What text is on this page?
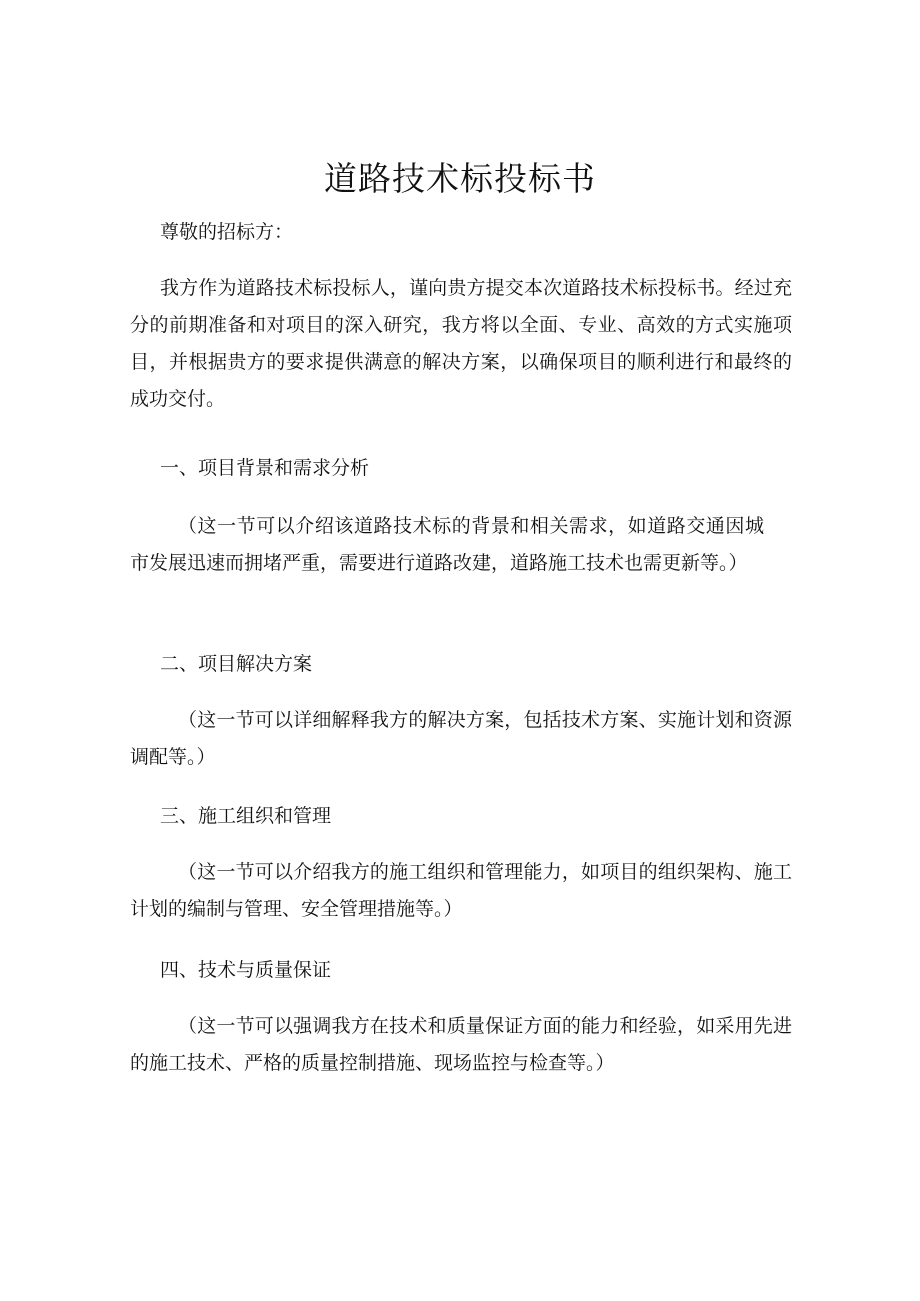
道路技术标投标书

尊敬的招标方：

我方作为道路技术标投标人，谨向贵方提交本次道路技术标投标书。经过充分的前期准备和对项目的深入研究，我方将以全面、专业、高效的方式实施项目，并根据贵方的要求提供满意的解决方案，以确保项目的顺利进行和最终的成功交付。

一、项目背景和需求分析

（这一节可以介绍该道路技术标的背景和相关需求，如道路交通因城市发展迅速而拥堵严重，需要进行道路改建，道路施工技术也需更新等。）

二、项目解决方案

（这一节可以详细解释我方的解决方案，包括技术方案、实施计划和资源调配等。）

三、施工组织和管理

（这一节可以介绍我方的施工组织和管理能力，如项目的组织架构、施工计划的编制与管理、安全管理措施等。）

四、技术与质量保证

（这一节可以强调我方在技术和质量保证方面的能力和经验，如采用先进的施工技术、严格的质量控制措施、现场监控与检查等。）
